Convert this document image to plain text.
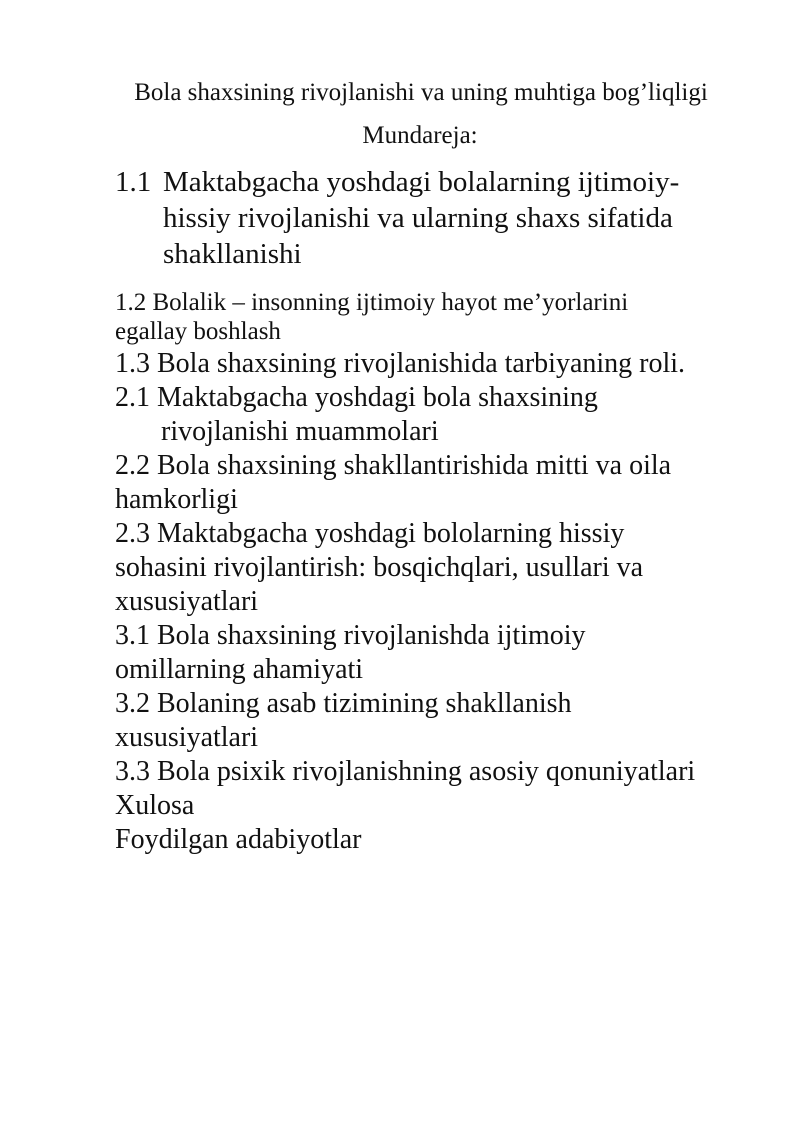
Bola shaxsining rivojlanishi va uning muhtiga bog’liqligi
Mundareja:
1.1 Maktabgacha yoshdagi bolalarning ijtimoiy-
hissiy rivojlanishi va ularning shaxs sifatida
shakllanishi
1.2 Bolalik – insonning ijtimoiy hayot me’yorlarini
egallay boshlash
1.3 Bola shaxsining rivojlanishida tarbiyaning roli.
2.1 Maktabgacha yoshdagi bola shaxsining
rivojlanishi muammolari
2.2 Bola shaxsining shakllantirishida mitti va oila
hamkorligi
2.3 Maktabgacha yoshdagi bololarning hissiy
sohasini rivojlantirish: bosqichqlari, usullari va
xususiyatlari
3.1 Bola shaxsining rivojlanishda ijtimoiy
omillarning ahamiyati
3.2 Bolaning asab tizimining shakllanish
xususiyatlari
3.3 Bola psixik rivojlanishning asosiy qonuniyatlari
Xulosa
Foydilgan adabiyotlar
